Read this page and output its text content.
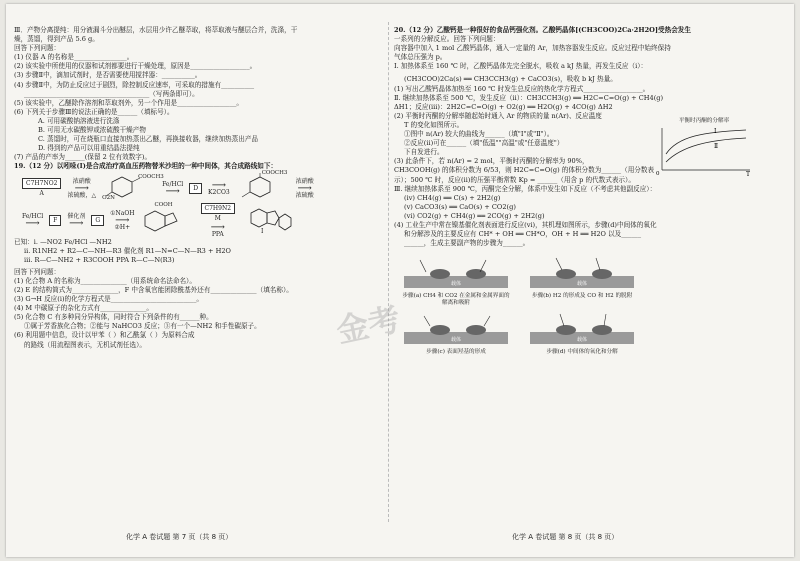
金考
Ⅲ．产物分离提纯：用分液漏斗分出醚层，水层用少许乙醚萃取，将萃取液与醚层合并，洗涤，干
燥，蒸馏，得到产品 5.6 g。
回答下列问题：
(1) 仪器 A 的名称是________________。
(2) 该实验中所使用的仪器和试剂都要进行干燥处理，原因是__________________。
(3) 步骤Ⅱ中，滴加试剂时，是否需要使用搅拌器：__________。
(4) 步骤Ⅱ中，为防止反应过于剧烈，除控制反应速率，可采取的措施有__________
______________________________________（写两条即可）。
(5) 该实验中，乙醚除作溶剂和萃取剂外，另一个作用是__________________。
(6) 下列关于步骤Ⅲ的说法正确的是______（填标号）。
A. 可用碳酸钠溶液进行洗涤
B. 可用无水碳酸钾或浓硫酸干燥产物
C. 蒸馏时，可在烧瓶口直接加热蒸出乙醚，再换接收器，继续加热蒸出产品
D. 得到的产品可以用重结晶法提纯
(7) 产品的产率为______(保留 2 位有效数字)。
19.（12 分）以吲哚(Ⅰ)是合成治疗高血压药物替米沙坦的一种中间体，其合成路线如下：
C7H7NO2
A
浓硝酸
⟶
浓硫酸，△
COOCH3
O2N
Fe/HCl
⟶	D	⟶
K2CO3
COOCH3
浓硝酸
⟶
浓硫酸
Fe/HCl
⟶	F
催化剂
⟶	G
①NaOH
⟶
②H+
COOH
C7H9N2
M
⟶
PPA	I
已知：ⅰ. —NO2 Fe/HCl —NH2
ⅱ. R1NH2 + R2—C—NH—R3 催化剂 R1—N=C—N—R3 + H2O
ⅲ. R—C—NH2 + R3COOH PPA R—C—N(R3)
回答下列问题：
(1) 化合物 A 的名称为______________（用系统命名法命名）。
(2) E 的结构简式为______________，F 中含氧官能团除酰基外还有______________（填名称）。
(3) G→H 反应(ⅰ)的化学方程式是__________________________。
(4) M 中碳原子的杂化方式有______________。
(5) 化合物 C 有多种同分异构体，同时符合下列条件的有______种。
①属于芳香族化合物；②能与 NaHCO3 反应；③有一个—NH2 和手性碳原子。
(6) 利用题中信息，设计以甲苯（ ）和乙酰氯（ ）为原料合成
的路线（用流程图表示，无机试剂任选）。
化学 A 卷试题 第 7 页（共 8 页）
20.（12 分）乙酸钙是一种很好的食品钙强化剂。乙酸钙晶体[(CH3COO)2Ca·2H2O]受热会发生
一系列的分解反应。回答下列问题：
向容器中加入 1 mol 乙酸钙晶体，通入一定量的 Ar，加热容器发生反应。反应过程中始终保持
气体总压强为 p。
Ⅰ. 加热体系至 160 ℃ 时，乙酸钙晶体先完全脱水，吸收 a kJ 热量，再发生反应（ⅰ）：
(CH3COO)2Ca(s) ══ CH3CCH3(g) + CaCO3(s)，吸收 b kJ 热量。
(1) 写出乙酸钙晶体加热至 160 ℃ 时发生总反应的热化学方程式__________________。
Ⅱ. 继续加热体系至 500 ℃，发生反应（ⅱ）：CH3CCH3(g) ══ H2C=C=O(g) + CH4(g)
ΔH1；反应(ⅲ)：2H2C=C=O(g) + O2(g) ══ H2O(g) + 4CO(g) ΔH2
(2) 平衡时丙酮的分解率随起始时通入 Ar 的物质的量 n(Ar)、反应温度
T 的变化如图所示。
①图中 n(Ar) 较大的曲线为______（填"Ⅰ"或"Ⅱ"）。
②反应(ⅱ)可在______（填"低温""高温"或"任意温度"）
下自发进行。
(3) 此条件下，若 n(Ar) = 2 mol，平衡时丙酮的分解率为 90%，
CH3COOH(g) 的体积分数为 6/53，则 H2C=C=O(g) 的体积分数为______（用分数表
示）；500 ℃ 时，反应(ⅱ)的压强平衡常数 Kp = ______（用含 p 的代数式表示）。
Ⅲ. 继续加热体系至 900 ℃，丙酮完全分解，体系中发生如下反应（不考虑其他副反应）：
(ⅳ) CH4(g) ══ C(s) + 2H2(g)
(ⅴ) CaCO3(s) ══ CaO(s) + CO2(g)
(ⅵ) CO2(g) + CH4(g) ══ 2CO(g) + 2H2(g)
(4) 工业生产中常在镍基催化剂表面进行反应(ⅵ)，其机理如图所示，步骤(d)中间体的氧化
和分解涉及的主要反应有 CH* + OH ══ CH*O，OH + H ══ H2O 以及______
______，生成主要副产物的步骤为______。
载体
步骤(a) CH4 和 CO2 在金属和金属界面的解离和吸附

载体
步骤(b) H2 的形成及 CO 和 H2 的脱附

载体
步骤(c) 表面羟基的形成

载体
步骤(d) 中间体的氧化和分解
平衡时丙酮的分解率
Ⅰ
Ⅱ
0	T
化学 A 卷试题 第 8 页（共 8 页）
